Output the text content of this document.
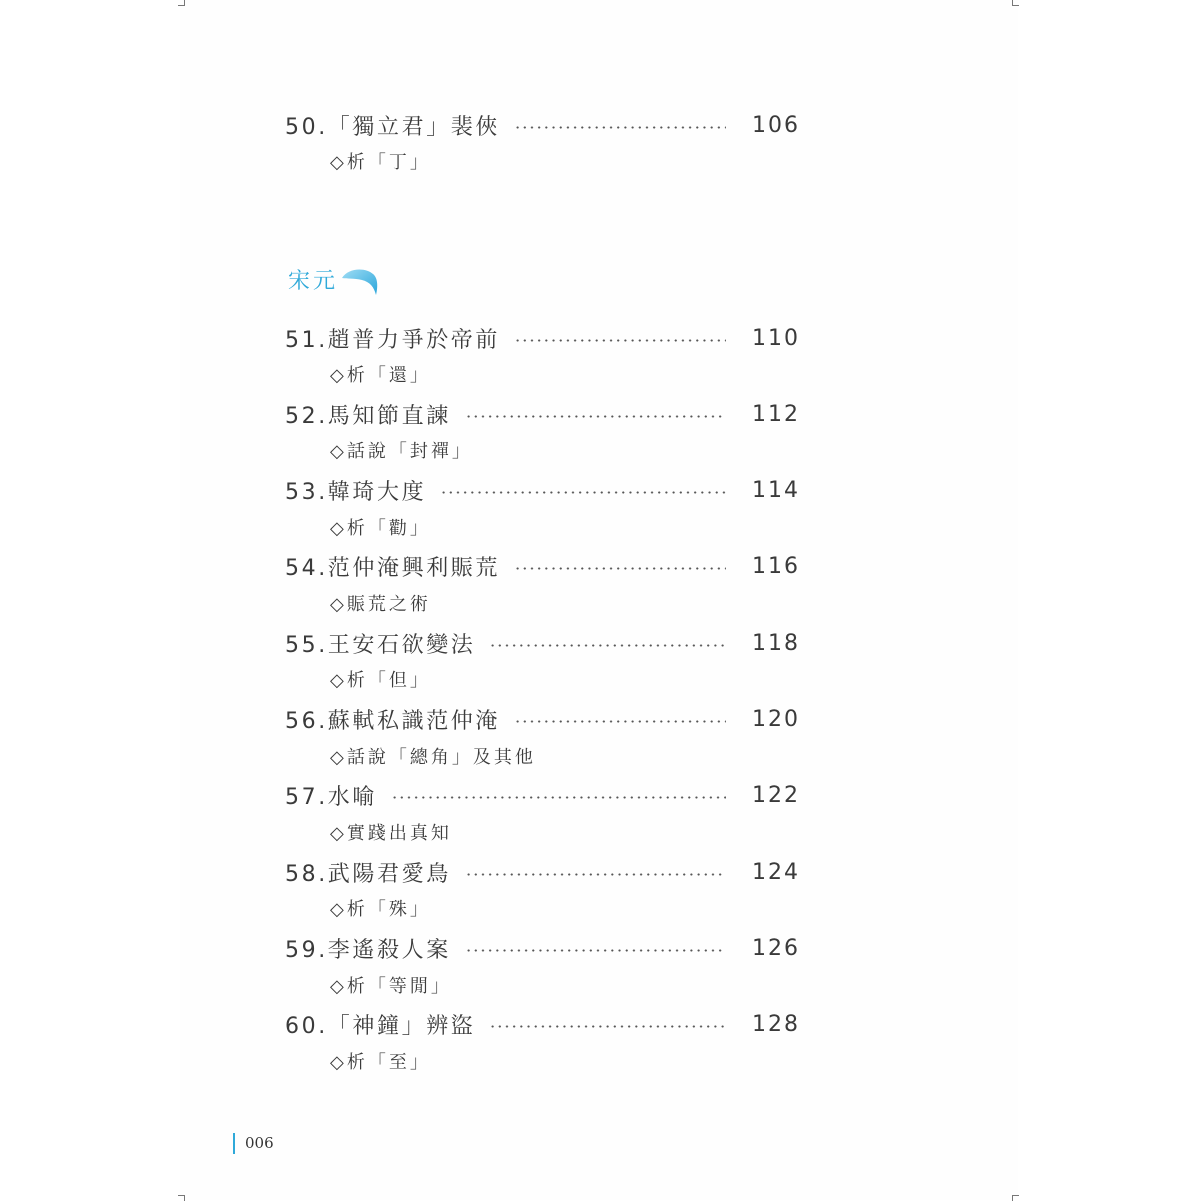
50.「獨立君」裴俠	106
◇析「丁」
宋元
51.趙普力爭於帝前	110
◇析「還」
52.馬知節直諫	112
◇話說「封禪」
53.韓琦大度	114
◇析「勸」
54.范仲淹興利賑荒	116
◇賑荒之術
55.王安石欲變法	118
◇析「但」
56.蘇軾私識范仲淹	120
◇話說「總角」及其他
57.水喻	122
◇實踐出真知
58.武陽君愛鳥	124
◇析「殊」
59.李遙殺人案	126
◇析「等閒」
60.「神鐘」辨盜	128
◇析「至」
006
